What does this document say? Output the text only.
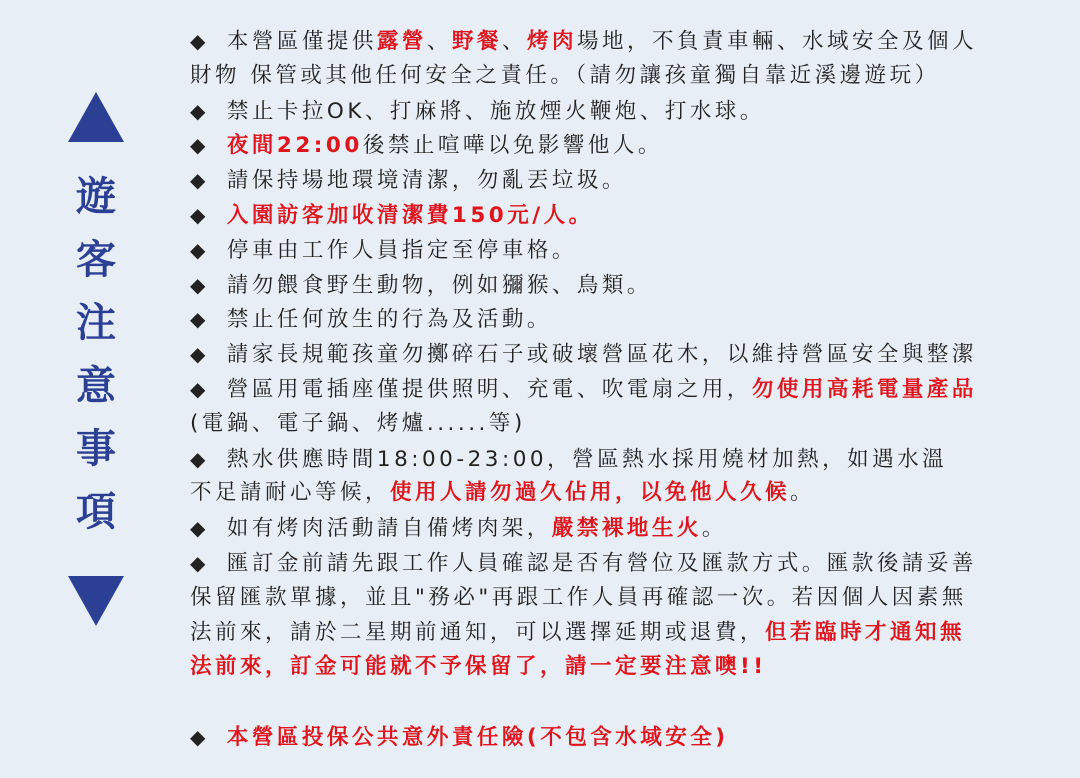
遊
客
注
意
事
項
◆ 本營區僅提供露營、野餐、烤肉場地，不負責車輛、水域安全及個人
財物 保管或其他任何安全之責任。（請勿讓孩童獨自靠近溪邊遊玩）
◆ 禁止卡拉OK、打麻將、施放煙火鞭炮、打水球。
◆ 夜間22:00後禁止喧嘩以免影響他人。
◆ 請保持場地環境清潔，勿亂丟垃圾。
◆ 入園訪客加收清潔費150元/人。
◆ 停車由工作人員指定至停車格。
◆ 請勿餵食野生動物，例如獼猴、鳥類。
◆ 禁止任何放生的行為及活動。
◆ 請家長規範孩童勿擲碎石子或破壞營區花木，以維持營區安全與整潔
◆ 營區用電插座僅提供照明、充電、吹電扇之用，勿使用高耗電量產品
(電鍋、電子鍋、烤爐......等)
◆ 熱水供應時間18:00-23:00，營區熱水採用燒材加熱，如遇水溫
不足請耐心等候，使用人請勿過久佔用，以免他人久候。
◆ 如有烤肉活動請自備烤肉架，嚴禁裸地生火。
◆ 匯訂金前請先跟工作人員確認是否有營位及匯款方式。匯款後請妥善
保留匯款單據，並且"務必"再跟工作人員再確認一次。若因個人因素無
法前來，請於二星期前通知，可以選擇延期或退費，但若臨時才通知無
法前來，訂金可能就不予保留了，請一定要注意噢!!
◆ 本營區投保公共意外責任險(不包含水域安全)
